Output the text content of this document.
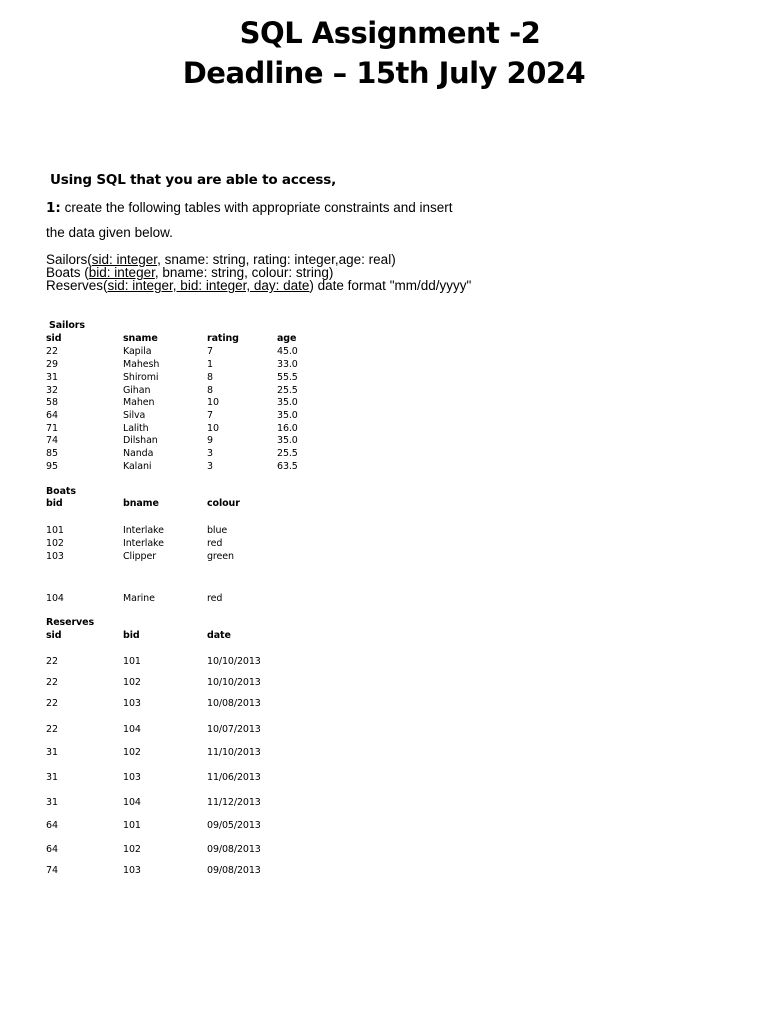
SQL Assignment -2
Deadline – 15th July 2024
Using SQL that you are able to access,
1: create the following tables with appropriate constraints and insert
the data given below.
Sailors(sid: integer, sname: string, rating: integer,age: real)
Boats (bid: integer, bname: string, colour: string)
Reserves(sid: integer, bid: integer, day: date) date format "mm/dd/yyyy"
Sailors
sid	sname	rating	age
22	Kapila	7	45.0
29	Mahesh	1	33.0
31	Shiromi	8	55.5
32	Gihan	8	25.5
58	Mahen	10	35.0
64	Silva	7	35.0
71	Lalith	10	16.0
74	Dilshan	9	35.0
85	Nanda	3	25.5
95	Kalani	3	63.5
Boats
bid	bname	colour
101	Interlake	blue
102	Interlake	red
103	Clipper	green
104	Marine	red
Reserves
sid	bid	date
22	101	10/10/2013
22	102	10/10/2013
22	103	10/08/2013
22	104	10/07/2013
31	102	11/10/2013
31	103	11/06/2013
31	104	11/12/2013
64	101	09/05/2013
64	102	09/08/2013
74	103	09/08/2013
